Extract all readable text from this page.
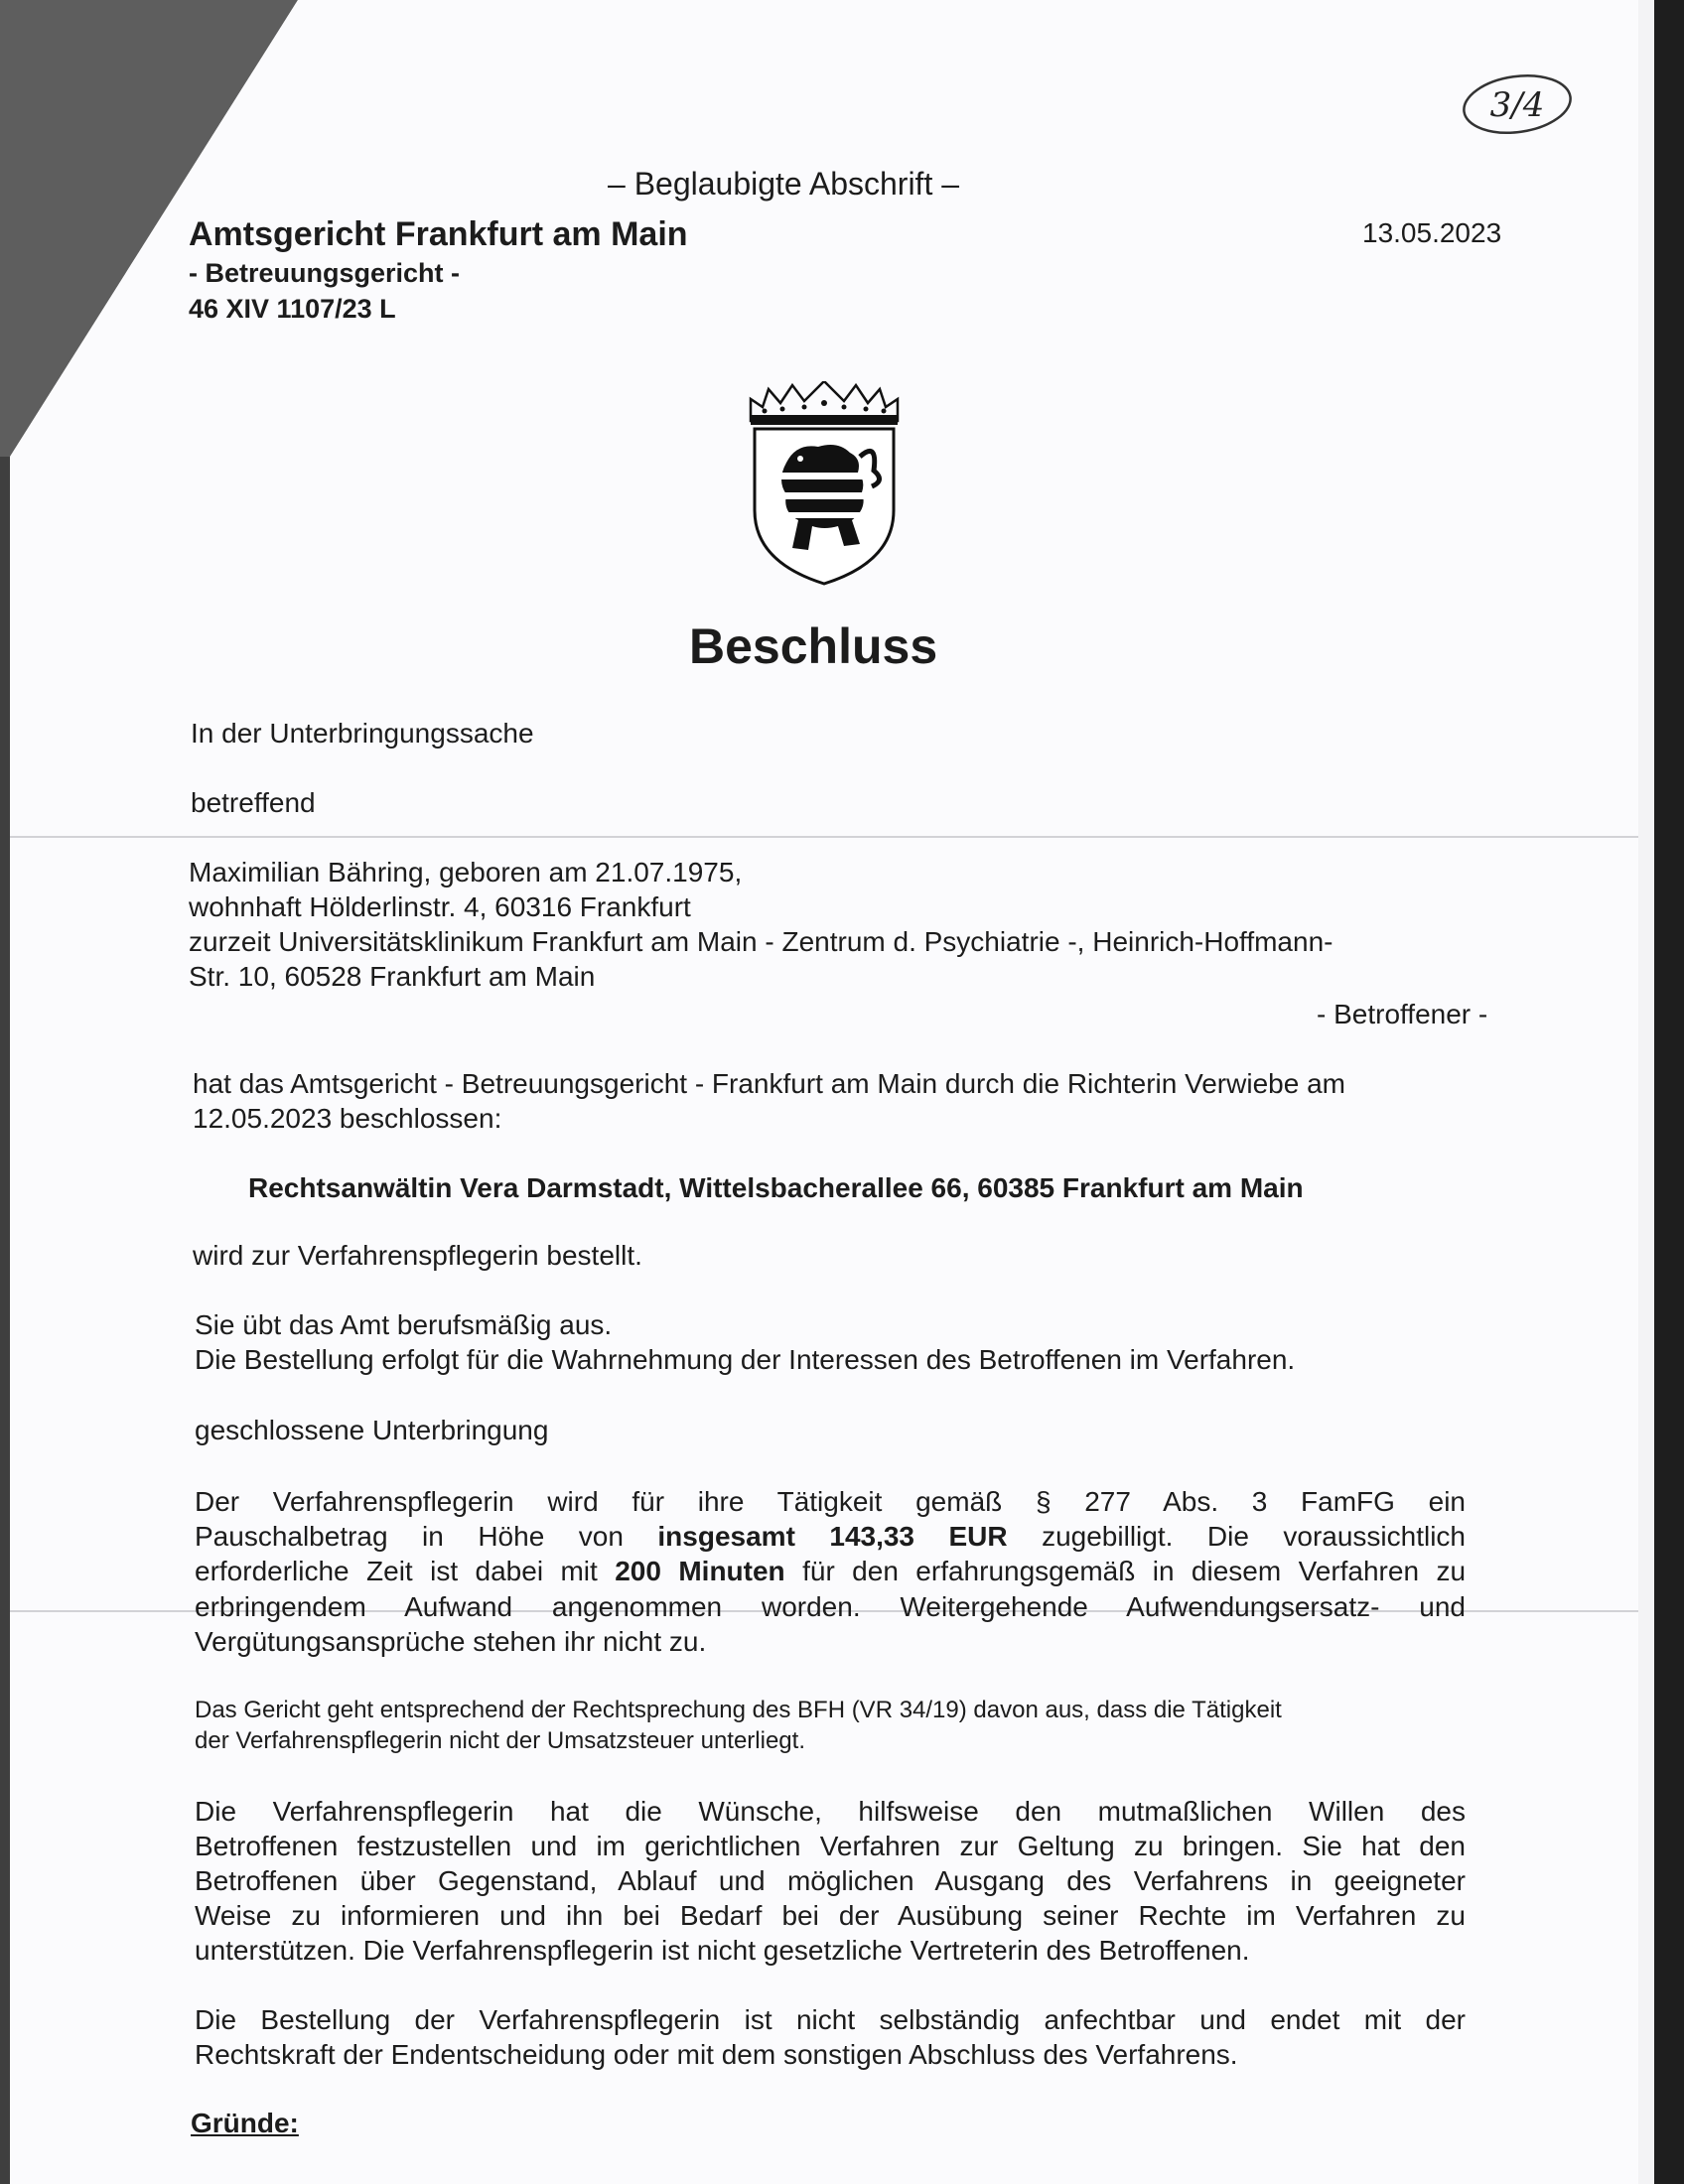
3/4
– Beglaubigte Abschrift –
Amtsgericht Frankfurt am Main	13.05.2023
- Betreuungsgericht -
46 XIV 1107/23 L
Beschluss
In der Unterbringungssache
betreffend
Maximilian Bähring, geboren am 21.07.1975,
wohnhaft Hölderlinstr. 4, 60316 Frankfurt
zurzeit Universitätsklinikum Frankfurt am Main - Zentrum d. Psychiatrie -, Heinrich-Hoffmann-
Str. 10, 60528 Frankfurt am Main
- Betroffener -
hat das Amtsgericht - Betreuungsgericht - Frankfurt am Main durch die Richterin Verwiebe am
12.05.2023 beschlossen:
Rechtsanwältin Vera Darmstadt, Wittelsbacherallee 66, 60385 Frankfurt am Main
wird zur Verfahrenspflegerin bestellt.
Sie übt das Amt berufsmäßig aus.
Die Bestellung erfolgt für die Wahrnehmung der Interessen des Betroffenen im Verfahren.
geschlossene Unterbringung
Der Verfahrenspflegerin wird für ihre Tätigkeit gemäß § 277 Abs. 3 FamFG ein
Pauschalbetrag in Höhe von insgesamt 143,33 EUR zugebilligt. Die voraussichtlich
erforderliche Zeit ist dabei mit 200 Minuten für den erfahrungsgemäß in diesem Verfahren zu
erbringendem Aufwand angenommen worden. Weitergehende Aufwendungsersatz- und
Vergütungsansprüche stehen ihr nicht zu.
Das Gericht geht entsprechend der Rechtsprechung des BFH (VR 34/19) davon aus, dass die Tätigkeit
der Verfahrenspflegerin nicht der Umsatzsteuer unterliegt.
Die Verfahrenspflegerin hat die Wünsche, hilfsweise den mutmaßlichen Willen des
Betroffenen festzustellen und im gerichtlichen Verfahren zur Geltung zu bringen. Sie hat den
Betroffenen über Gegenstand, Ablauf und möglichen Ausgang des Verfahrens in geeigneter
Weise zu informieren und ihn bei Bedarf bei der Ausübung seiner Rechte im Verfahren zu
unterstützen. Die Verfahrenspflegerin ist nicht gesetzliche Vertreterin des Betroffenen.
Die Bestellung der Verfahrenspflegerin ist nicht selbständig anfechtbar und endet mit der
Rechtskraft der Endentscheidung oder mit dem sonstigen Abschluss des Verfahrens.
Gründe:
